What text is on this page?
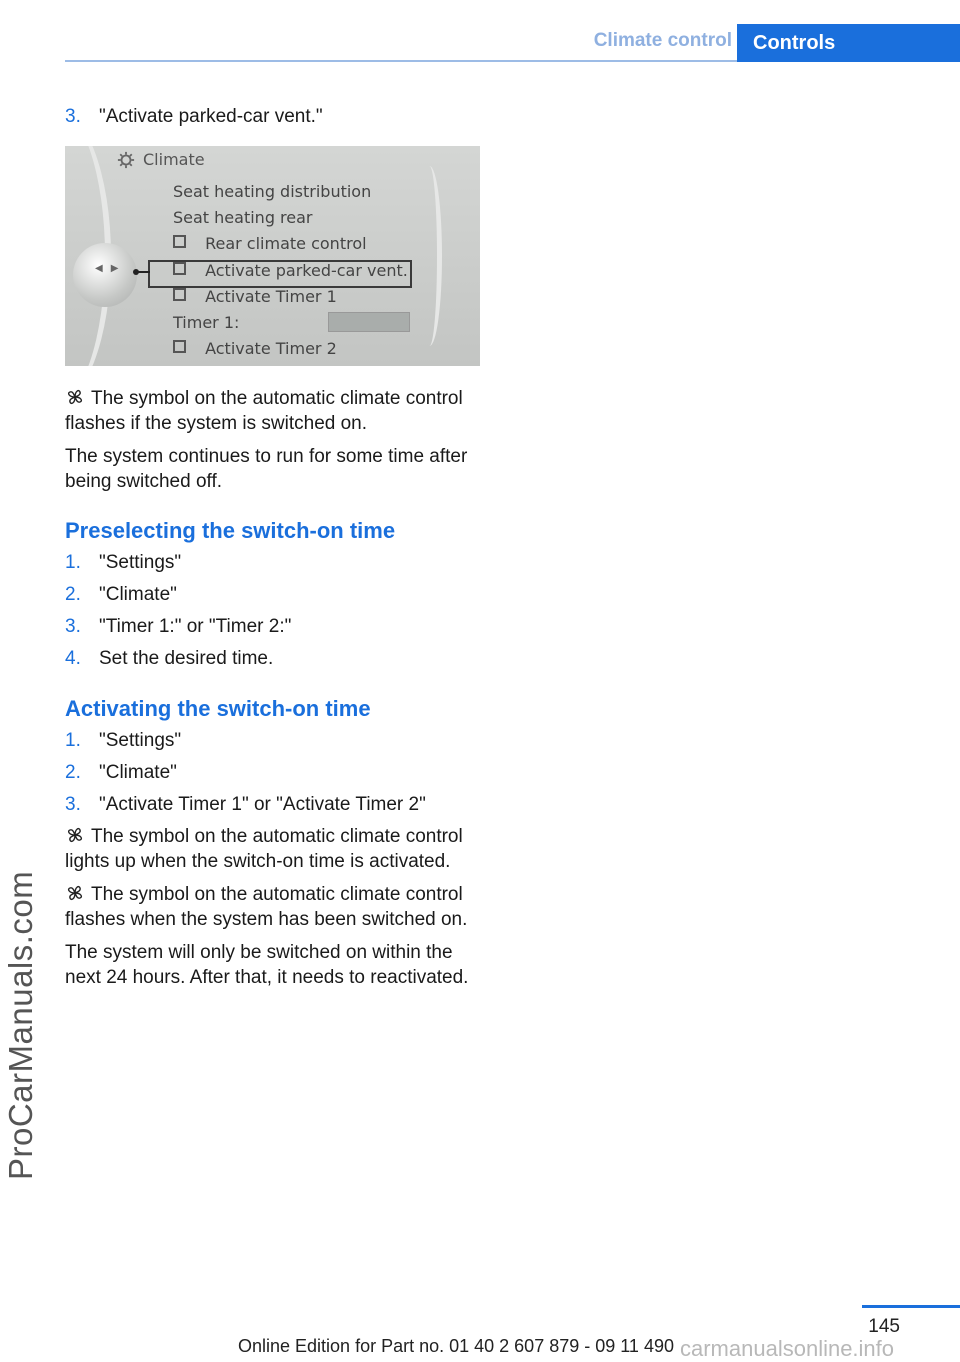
Climate control	Controls
ProCarManuals.com
3. "Activate parked-car vent."
Climate
Seat heating distribution
Seat heating rear
Rear climate control
Activate parked-car vent.
Activate Timer 1
Timer 1:
Activate Timer 2
◀▶

The symbol on the automatic climate control flashes if the system is switched on.

The system continues to run for some time after being switched off.

Preselecting the switch-on time
1. "Settings"
2. "Climate"
3. "Timer 1:" or "Timer 2:"
4. Set the desired time.
Activating the switch-on time
1. "Settings"
2. "Climate"
3. "Activate Timer 1" or "Activate Timer 2"

The symbol on the automatic climate control lights up when the switch-on time is activated.

The symbol on the automatic climate control flashes when the system has been switched on.

The system will only be switched on within the next 24 hours. After that, it needs to reactivated.

145
Online Edition for Part no. 01 40 2 607 879 - 09 11 490 carmanualsonline.info
